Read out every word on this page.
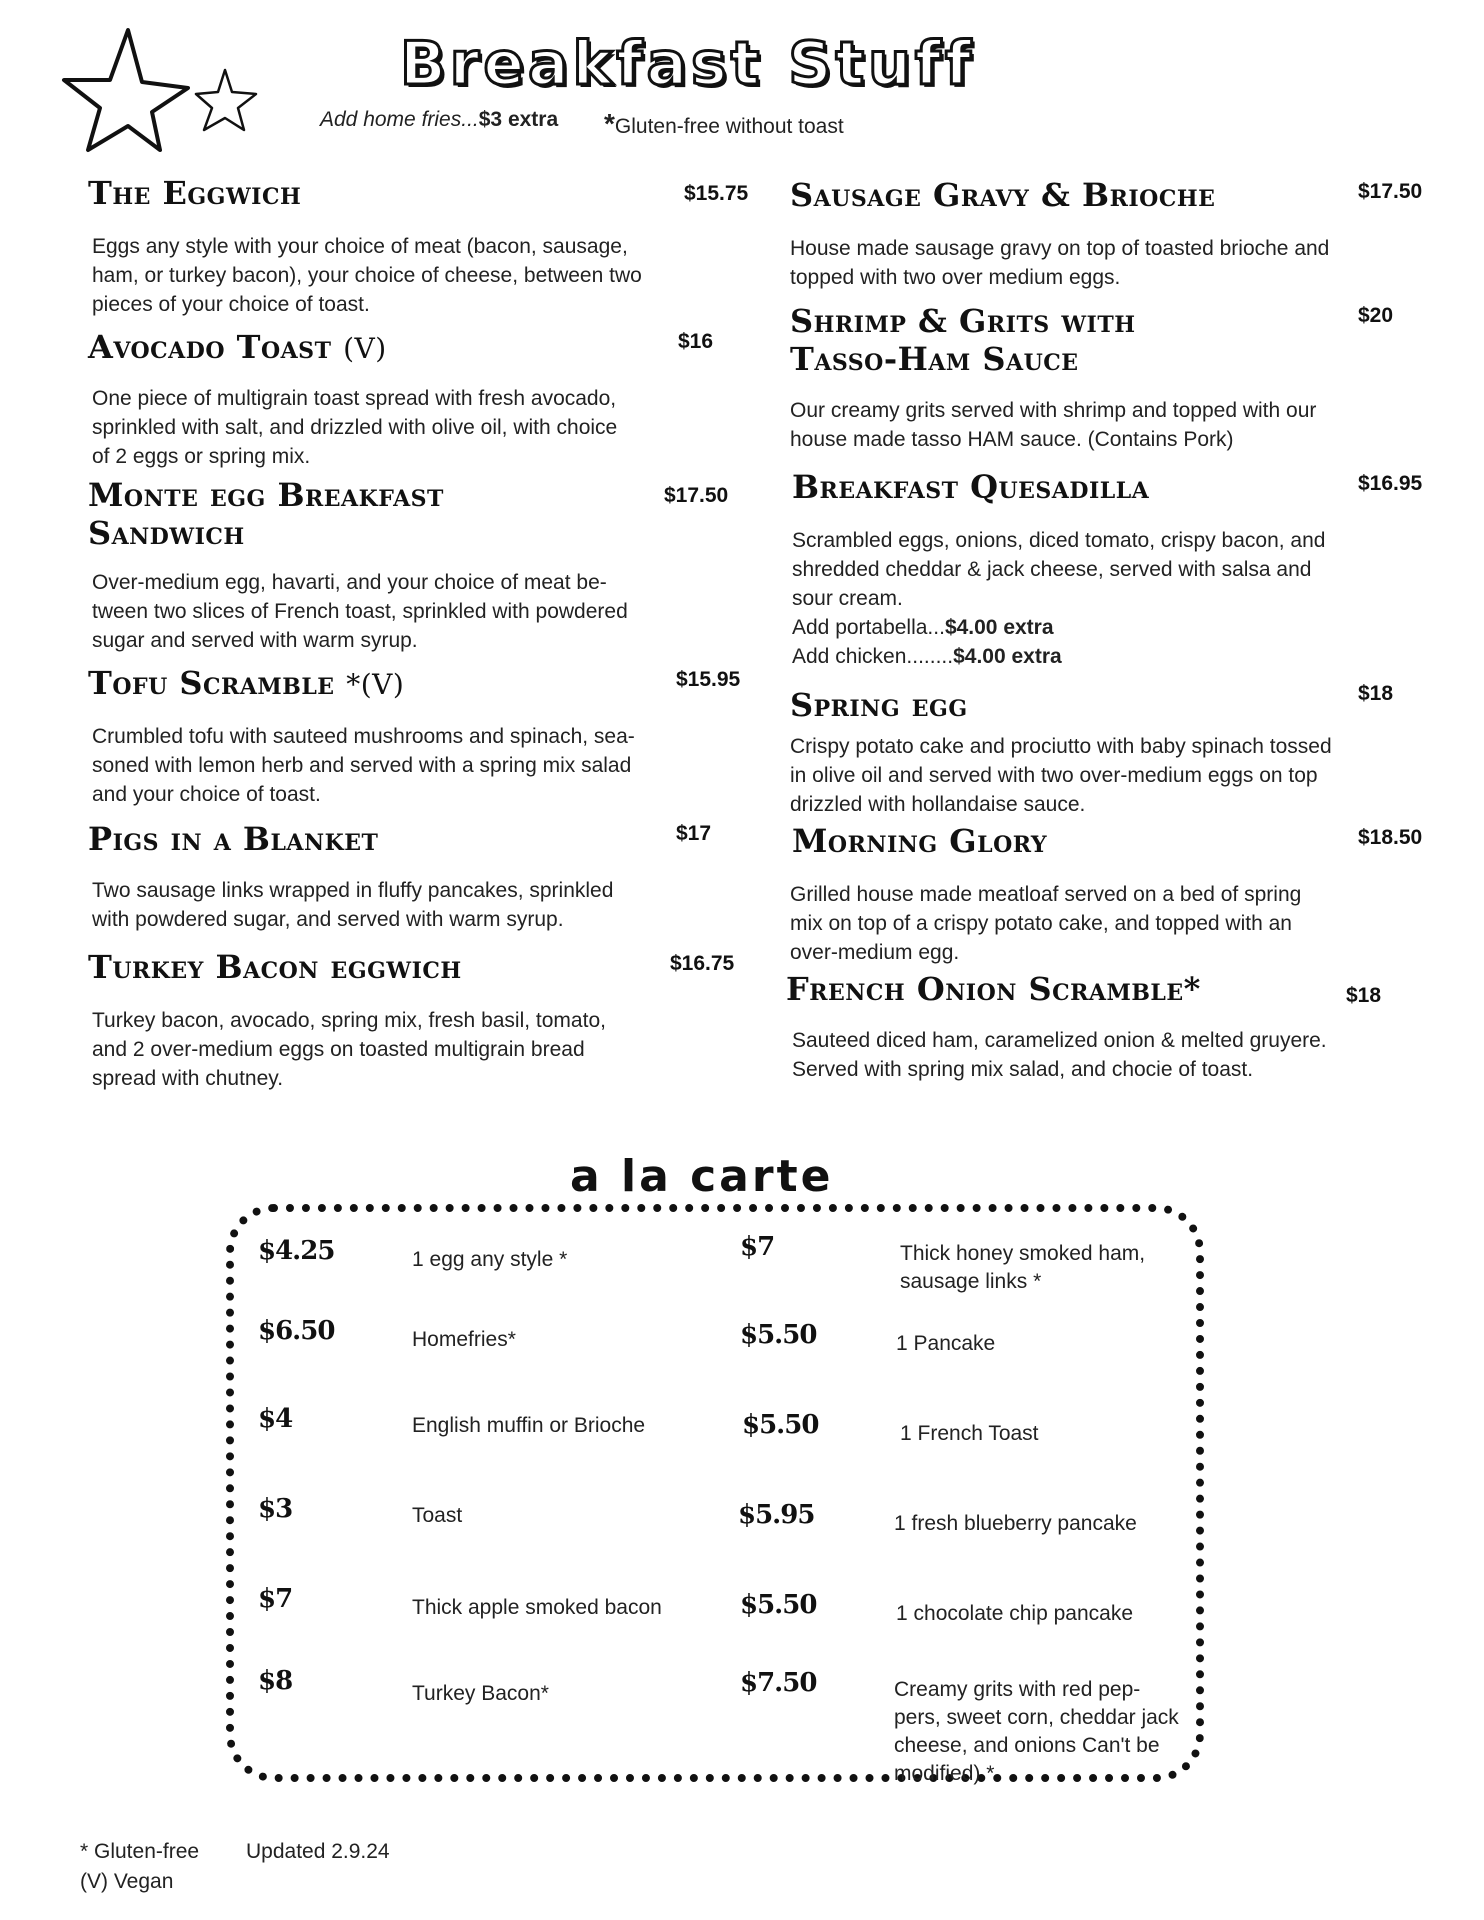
Breakfast Stuff
Add home fries...$3 extra *Gluten-free without toast
The Eggwich	$15.75
Eggs any style with your choice of meat (bacon, sausage,
ham, or turkey bacon), your choice of cheese, between two
pieces of your choice of toast.
Avocado Toast (V)	$16
One piece of multigrain toast spread with fresh avocado,
sprinkled with salt, and drizzled with olive oil, with choice
of 2 eggs or spring mix.
Monte egg Breakfast
Sandwich
$17.50
Over-medium egg, havarti, and your choice of meat be-
tween two slices of French toast, sprinkled with powdered
sugar and served with warm syrup.
Tofu Scramble *(V)	$15.95
Crumbled tofu with sauteed mushrooms and spinach, sea-
soned with lemon herb and served with a spring mix salad
and your choice of toast.
Pigs in a Blanket	$17
Two sausage links wrapped in fluffy pancakes, sprinkled
with powdered sugar, and served with warm syrup.
Turkey Bacon eggwich	$16.75
Turkey bacon, avocado, spring mix, fresh basil, tomato,
and 2 over-medium eggs on toasted multigrain bread
spread with chutney.
Sausage Gravy & Brioche	$17.50
House made sausage gravy on top of toasted brioche and
topped with two over medium eggs.
Shrimp & Grits with
Tasso-Ham Sauce
$20
Our creamy grits served with shrimp and topped with our
house made tasso HAM sauce. (Contains Pork)
Breakfast Quesadilla	$16.95
Scrambled eggs, onions, diced tomato, crispy bacon, and
shredded cheddar & jack cheese, served with salsa and
sour cream.
Add portabella...$4.00 extra
Add chicken........$4.00 extra
Spring egg	$18
Crispy potato cake and prociutto with baby spinach tossed
in olive oil and served with two over-medium eggs on top
drizzled with hollandaise sauce.
Morning Glory	$18.50
Grilled house made meatloaf served on a bed of spring
mix on top of a crispy potato cake, and topped with an
over-medium egg.
French Onion Scramble*	$18
Sauteed diced ham, caramelized onion & melted gruyere.
Served with spring mix salad, and chocie of toast.
a la carte
$4.25	1 egg any style *
$6.50	Homefries*
$4	English muffin or Brioche
$3	Toast
$7	Thick apple smoked bacon
$8	Turkey Bacon*
$7	Thick honey smoked ham,
sausage links *
$5.50	1 Pancake
$5.50	1 French Toast
$5.95	1 fresh blueberry pancake
$5.50	1 chocolate chip pancake
$7.50	Creamy grits with red pep-
pers, sweet corn, cheddar jack
cheese, and onions Can't be
modified) *
* Gluten-free Updated 2.9.24
(V) Vegan
